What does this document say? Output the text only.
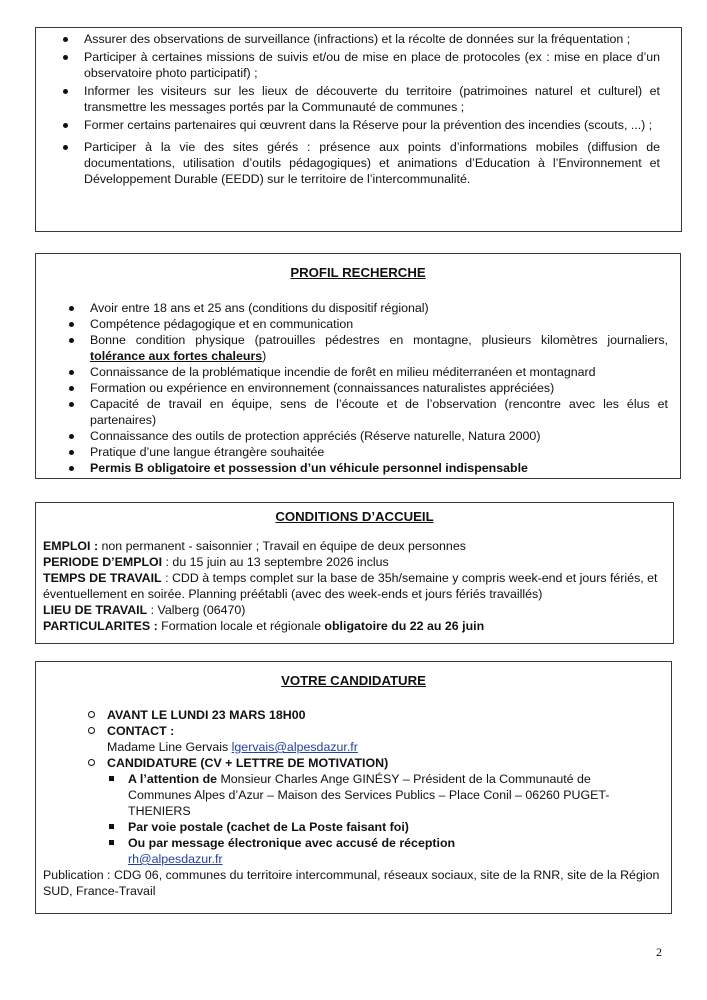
Assurer des observations de surveillance (infractions) et la récolte de données sur la fréquentation ;
Participer à certaines missions de suivis et/ou de mise en place de protocoles (ex : mise en place d’un observatoire photo participatif) ;
Informer les visiteurs sur les lieux de découverte du territoire (patrimoines naturel et culturel) et transmettre les messages portés par la Communauté de communes ;
Former certains partenaires qui œuvrent dans la Réserve pour la prévention des incendies (scouts, ...) ;
Participer à la vie des sites gérés : présence aux points d’informations mobiles (diffusion de documentations, utilisation d’outils pédagogiques) et animations d’Education à l’Environnement et Développement Durable (EEDD) sur le territoire de l’intercommunalité.
PROFIL RECHERCHE
Avoir entre 18 ans et 25 ans (conditions du dispositif régional)
Compétence pédagogique et en communication
Bonne condition physique (patrouilles pédestres en montagne, plusieurs kilomètres journaliers, tolérance aux fortes chaleurs)
Connaissance de la problématique incendie de forêt en milieu méditerranéen et montagnard
Formation ou expérience en environnement (connaissances naturalistes appréciées)
Capacité de travail en équipe, sens de l’écoute et de l’observation (rencontre avec les élus et partenaires)
Connaissance des outils de protection appréciés (Réserve naturelle, Natura 2000)
Pratique d’une langue étrangère souhaitée
Permis B obligatoire et possession d’un véhicule personnel indispensable
CONDITIONS D’ACCUEIL

EMPLOI : non permanent - saisonnier ; Travail en équipe de deux personnes

PERIODE D’EMPLOI : du 15 juin au 13 septembre 2026 inclus

TEMPS DE TRAVAIL : CDD à temps complet sur la base de 35h/semaine y compris week-end et jours fériés, et éventuellement en soirée. Planning préétabli (avec des week-ends et jours fériés travaillés)

LIEU DE TRAVAIL : Valberg (06470)

PARTICULARITES : Formation locale et régionale obligatoire du 22 au 26 juin

VOTRE CANDIDATURE
AVANT LE LUNDI 23 MARS 18H00
CONTACT :
Madame Line Gervais lgervais@alpesdazur.fr
CANDIDATURE (CV + LETTRE DE MOTIVATION)
A l’attention de Monsieur Charles Ange GINÉSY – Président de la Communauté de Communes Alpes d’Azur – Maison des Services Publics – Place Conil – 06260 PUGET-THENIERS
Par voie postale (cachet de La Poste faisant foi)
Ou par message électronique avec accusé de réception
rh@alpesdazur.fr

Publication : CDG 06, communes du territoire intercommunal, réseaux sociaux, site de la RNR, site de la Région SUD, France-Travail

2
